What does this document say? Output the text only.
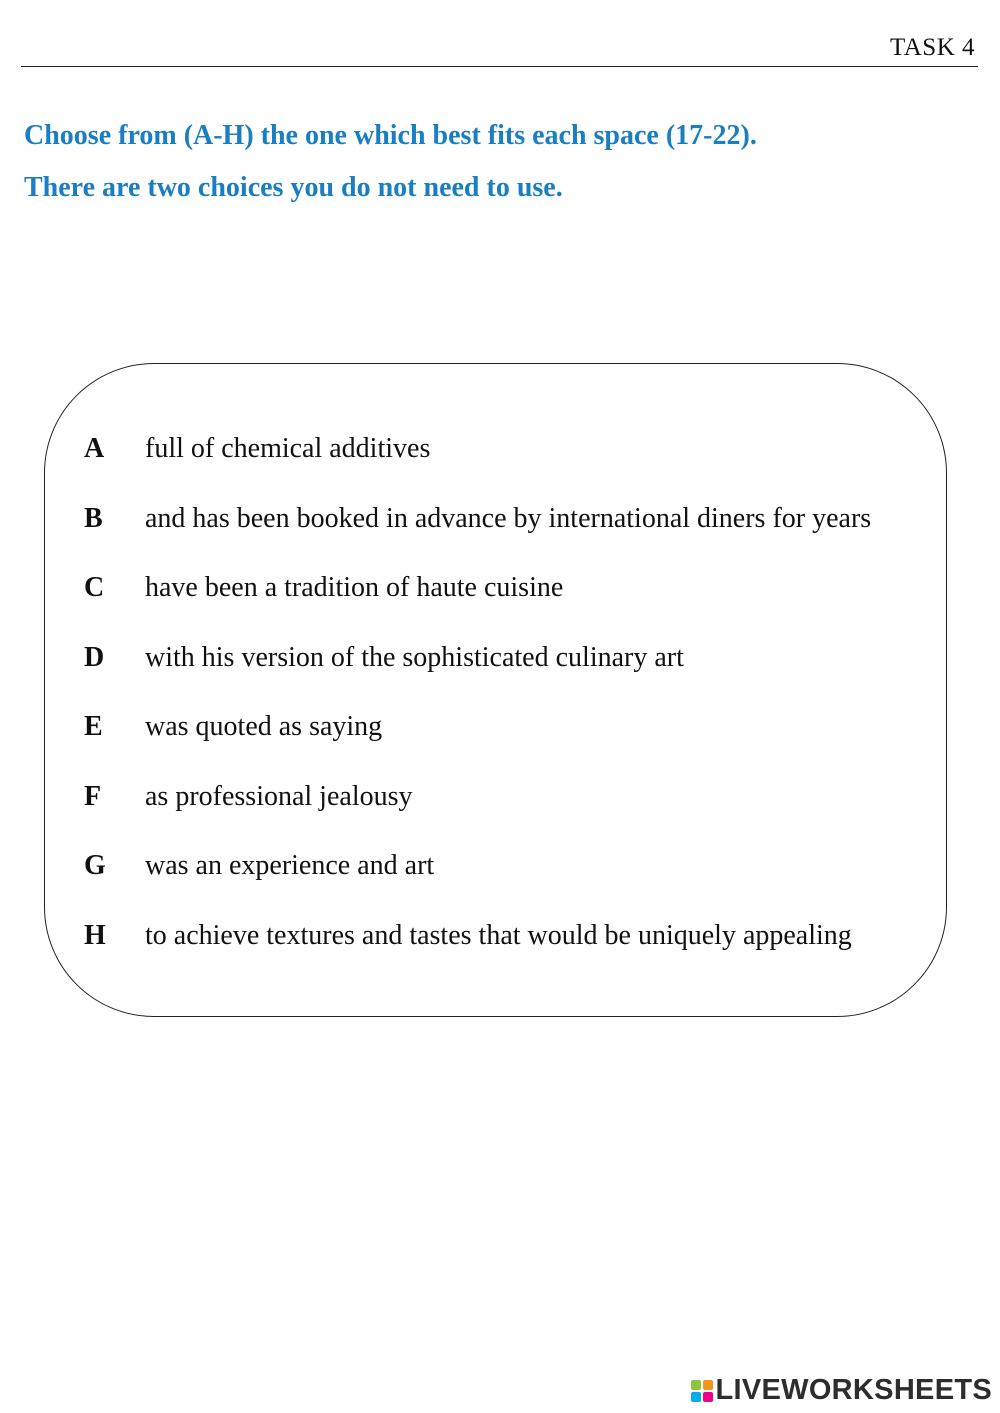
TASK 4
Choose from (A-H) the one which best fits each space (17-22).
There are two choices you do not need to use.
A full of chemical additives
B and has been booked in advance by international diners for years
C have been a tradition of haute cuisine
D with his version of the sophisticated culinary art
E was quoted as saying
F as professional jealousy
G was an experience and art
H to achieve textures and tastes that would be uniquely appealing
LIVEWORKSHEETS
